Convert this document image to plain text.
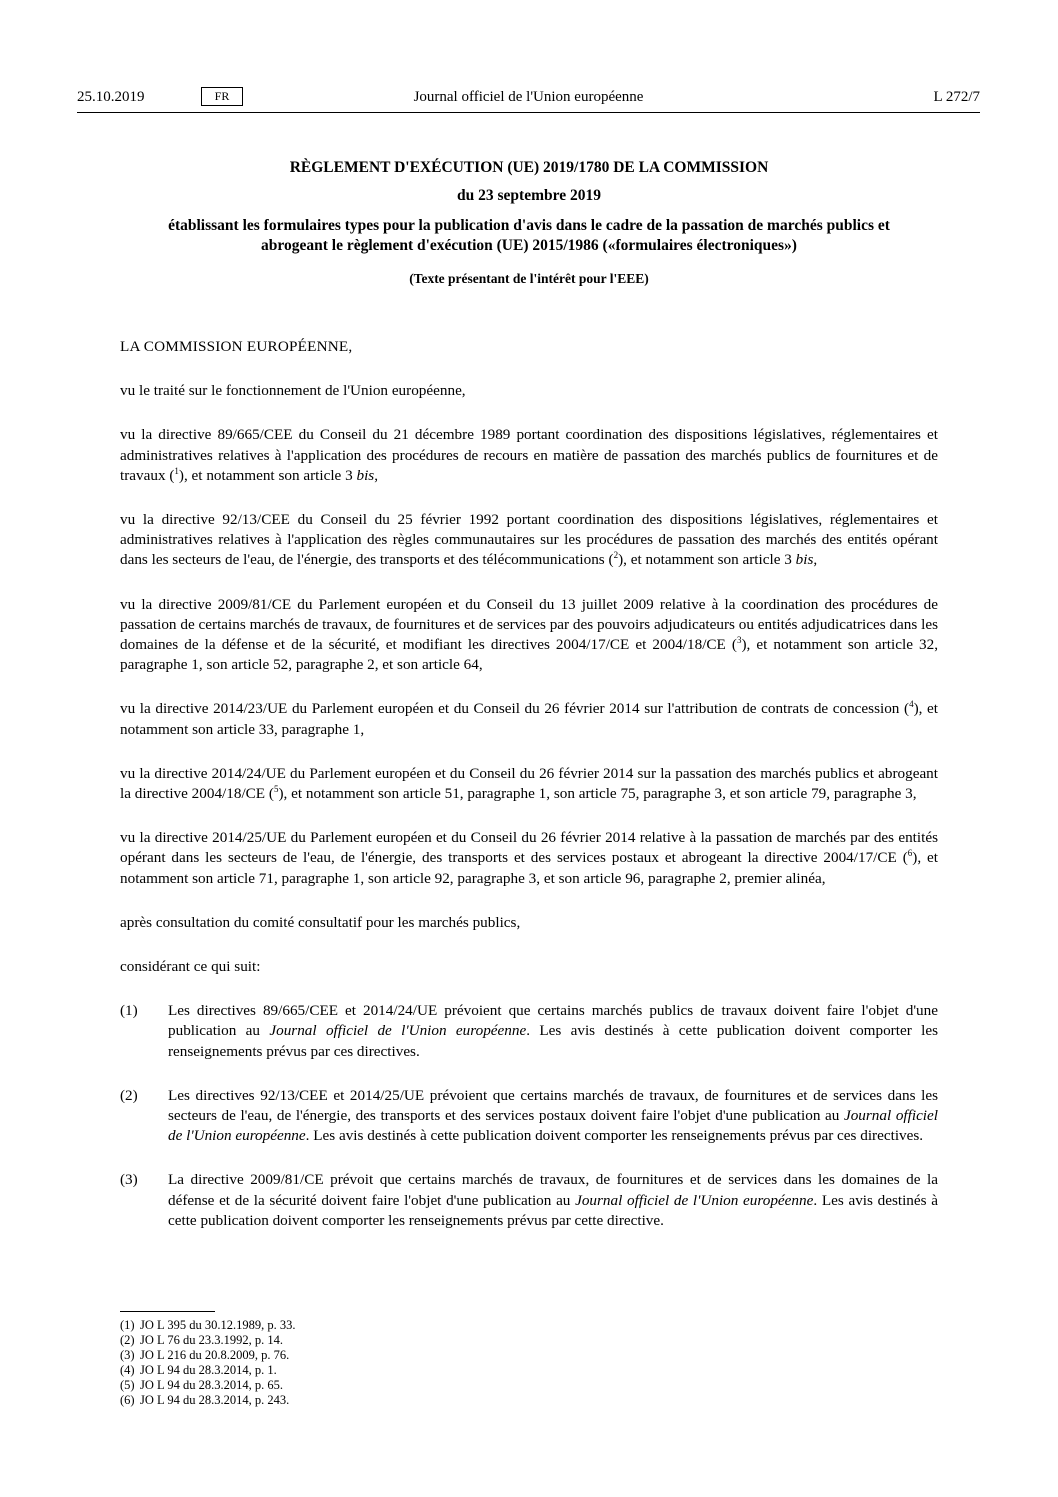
25.10.2019	FR	Journal officiel de l'Union européenne	L 272/7
RÈGLEMENT D'EXÉCUTION (UE) 2019/1780 DE LA COMMISSION
du 23 septembre 2019
établissant les formulaires types pour la publication d'avis dans le cadre de la passation de marchés publics et abrogeant le règlement d'exécution (UE) 2015/1986 («formulaires électroniques»)
(Texte présentant de l'intérêt pour l'EEE)
LA COMMISSION EUROPÉENNE,
vu le traité sur le fonctionnement de l'Union européenne,
vu la directive 89/665/CEE du Conseil du 21 décembre 1989 portant coordination des dispositions législatives, réglementaires et administratives relatives à l'application des procédures de recours en matière de passation des marchés publics de fournitures et de travaux ($^1$), et notamment son article 3 bis,
vu la directive 92/13/CEE du Conseil du 25 février 1992 portant coordination des dispositions législatives, réglementaires et administratives relatives à l'application des règles communautaires sur les procédures de passation des marchés des entités opérant dans les secteurs de l'eau, de l'énergie, des transports et des télécommunications ($^2$), et notamment son article 3 bis,
vu la directive 2009/81/CE du Parlement européen et du Conseil du 13 juillet 2009 relative à la coordination des procédures de passation de certains marchés de travaux, de fournitures et de services par des pouvoirs adjudicateurs ou entités adjudicatrices dans les domaines de la défense et de la sécurité, et modifiant les directives 2004/17/CE et 2004/18/CE ($^3$), et notamment son article 32, paragraphe 1, son article 52, paragraphe 2, et son article 64,
vu la directive 2014/23/UE du Parlement européen et du Conseil du 26 février 2014 sur l'attribution de contrats de concession ($^4$), et notamment son article 33, paragraphe 1,
vu la directive 2014/24/UE du Parlement européen et du Conseil du 26 février 2014 sur la passation des marchés publics et abrogeant la directive 2004/18/CE ($^5$), et notamment son article 51, paragraphe 1, son article 75, paragraphe 3, et son article 79, paragraphe 3,
vu la directive 2014/25/UE du Parlement européen et du Conseil du 26 février 2014 relative à la passation de marchés par des entités opérant dans les secteurs de l'eau, de l'énergie, des transports et des services postaux et abrogeant la directive 2004/17/CE ($^6$), et notamment son article 71, paragraphe 1, son article 92, paragraphe 3, et son article 96, paragraphe 2, premier alinéa,
après consultation du comité consultatif pour les marchés publics,
considérant ce qui suit:
(1) Les directives 89/665/CEE et 2014/24/UE prévoient que certains marchés publics de travaux doivent faire l'objet d'une publication au Journal officiel de l'Union européenne. Les avis destinés à cette publication doivent comporter les renseignements prévus par ces directives.
(2) Les directives 92/13/CEE et 2014/25/UE prévoient que certains marchés de travaux, de fournitures et de services dans les secteurs de l'eau, de l'énergie, des transports et des services postaux doivent faire l'objet d'une publication au Journal officiel de l'Union européenne. Les avis destinés à cette publication doivent comporter les renseignements prévus par ces directives.
(3) La directive 2009/81/CE prévoit que certains marchés de travaux, de fournitures et de services dans les domaines de la défense et de la sécurité doivent faire l'objet d'une publication au Journal officiel de l'Union européenne. Les avis destinés à cette publication doivent comporter les renseignements prévus par cette directive.
(1) JO L 395 du 30.12.1989, p. 33.
(2) JO L 76 du 23.3.1992, p. 14.
(3) JO L 216 du 20.8.2009, p. 76.
(4) JO L 94 du 28.3.2014, p. 1.
(5) JO L 94 du 28.3.2014, p. 65.
(6) JO L 94 du 28.3.2014, p. 243.
